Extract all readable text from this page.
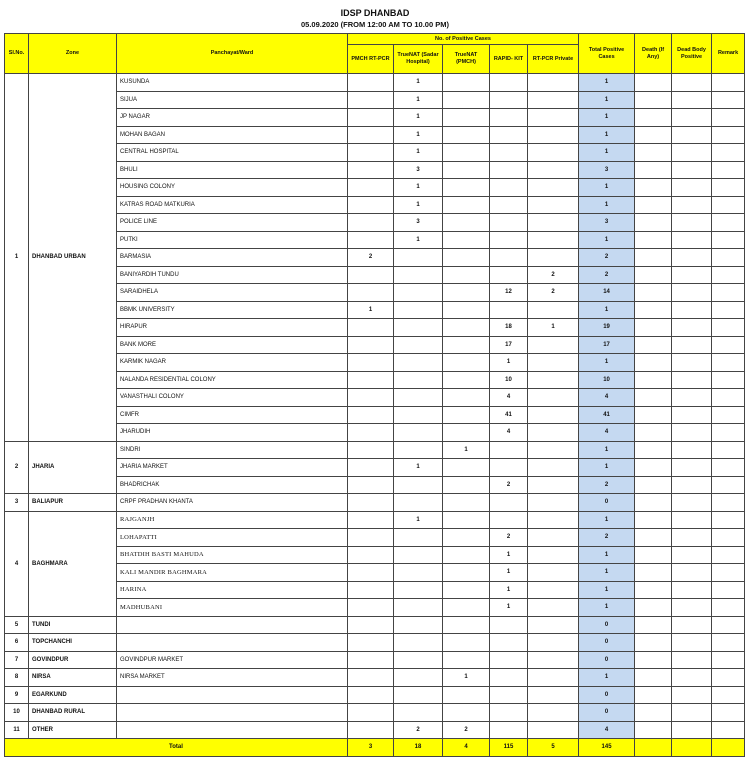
IDSP DHANBAD
05.09.2020 (FROM 12:00 AM TO 10.00 PM)
Sl.No.	Zone	Panchayat/Ward	No. of Positive Cases					Total Positive Cases	Death (If Any)	Dead Body Positive	Remark
			PMCH RT-PCR	TrueNAT (Sadar Hospital)	TrueNAT (PMCH)	RAPID- KIT	RT-PCR Private				
1	DHANBAD URBAN	KUSUNDA		1				1			
		SIJUA		1				1			
		JP NAGAR		1				1			
		MOHAN BAGAN		1				1			
		CENTRAL HOSPITAL		1				1			
		BHULI		3				3			
		HOUSING COLONY		1				1			
		KATRAS ROAD MATKURIA		1				1			
		POLICE LINE		3				3			
		PUTKI		1				1			
		BARMASIA	2					2			
		BANIYARDIH TUNDU					2	2			
		SARAIDHELA				12	2	14			
		BBMK UNIVERSITY	1					1			
		HIRAPUR				18	1	19			
		BANK MORE				17		17			
		KARMIK NAGAR				1		1			
		NALANDA RESIDENTIAL COLONY				10		10			
		VANASTHALI COLONY				4		4			
		CIMFR				41		41			
		JHARUDIH				4		4			
2	JHARIA	SINDRI			1			1			
		JHARIA MARKET		1				1			
		BHADRICHAK				2		2			
3	BALIAPUR	CRPF PRADHAN KHANTA						0			
4	BAGHMARA	RAJGANJH		1				1			
		LOHAPATTI				2		2			
		BHATDIH BASTI MAHUDA				1		1			
		KALI MANDIR BAGHMARA				1		1			
		HARINA				1		1			
		MADHUBANI				1		1			
5	TUNDI							0			
6	TOPCHANCHI							0			
7	GOVINDPUR	GOVINDPUR MARKET						0			
8	NIRSA	NIRSA MARKET			1			1			
9	EGARKUND							0			
10	DHANBAD RURAL							0			
11	OTHER			2	2			4			
Total			3	18	4	115	5	145			
